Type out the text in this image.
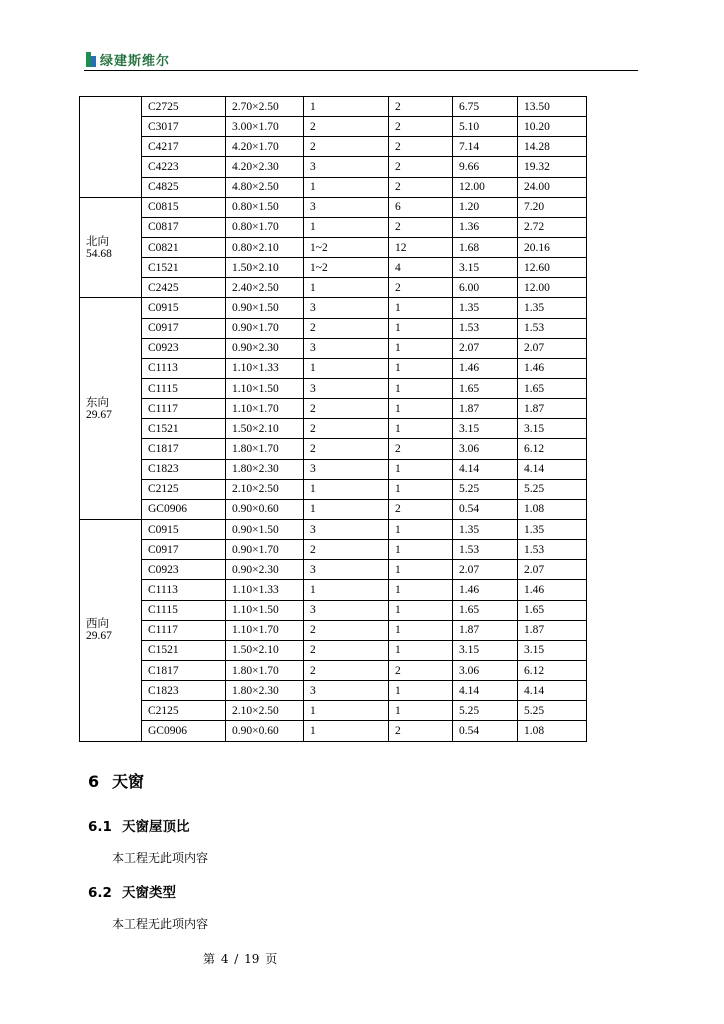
绿建斯维尔
	C2725	2.70×2.50	1	2	6.75	13.50
	C3017	3.00×1.70	2	2	5.10	10.20
	C4217	4.20×1.70	2	2	7.14	14.28
	C4223	4.20×2.30	3	2	9.66	19.32
	C4825	4.80×2.50	1	2	12.00	24.00

北向
54.68	C0815	0.80×1.50	3	6	1.20	7.20
	C0817	0.80×1.70	1	2	1.36	2.72
	C0821	0.80×2.10	1~2	12	1.68	20.16
	C1521	1.50×2.10	1~2	4	3.15	12.60
	C2425	2.40×2.50	1	2	6.00	12.00

东向
29.67	C0915	0.90×1.50	3	1	1.35	1.35
	C0917	0.90×1.70	2	1	1.53	1.53
	C0923	0.90×2.30	3	1	2.07	2.07
	C1113	1.10×1.33	1	1	1.46	1.46
	C1115	1.10×1.50	3	1	1.65	1.65
	C1117	1.10×1.70	2	1	1.87	1.87
	C1521	1.50×2.10	2	1	3.15	3.15
	C1817	1.80×1.70	2	2	3.06	6.12
	C1823	1.80×2.30	3	1	4.14	4.14
	C2125	2.10×2.50	1	1	5.25	5.25
	GC0906	0.90×0.60	1	2	0.54	1.08

西向
29.67	C0915	0.90×1.50	3	1	1.35	1.35
	C0917	0.90×1.70	2	1	1.53	1.53
	C0923	0.90×2.30	3	1	2.07	2.07
	C1113	1.10×1.33	1	1	1.46	1.46
	C1115	1.10×1.50	3	1	1.65	1.65
	C1117	1.10×1.70	2	1	1.87	1.87
	C1521	1.50×2.10	2	1	3.15	3.15
	C1817	1.80×1.70	2	2	3.06	6.12
	C1823	1.80×2.30	3	1	4.14	4.14
	C2125	2.10×2.50	1	1	5.25	5.25
	GC0906	0.90×0.60	1	2	0.54	1.08
6 天窗
6.1 天窗屋顶比

本工程无此项内容

6.2 天窗类型

本工程无此项内容

第 4 / 19 页
